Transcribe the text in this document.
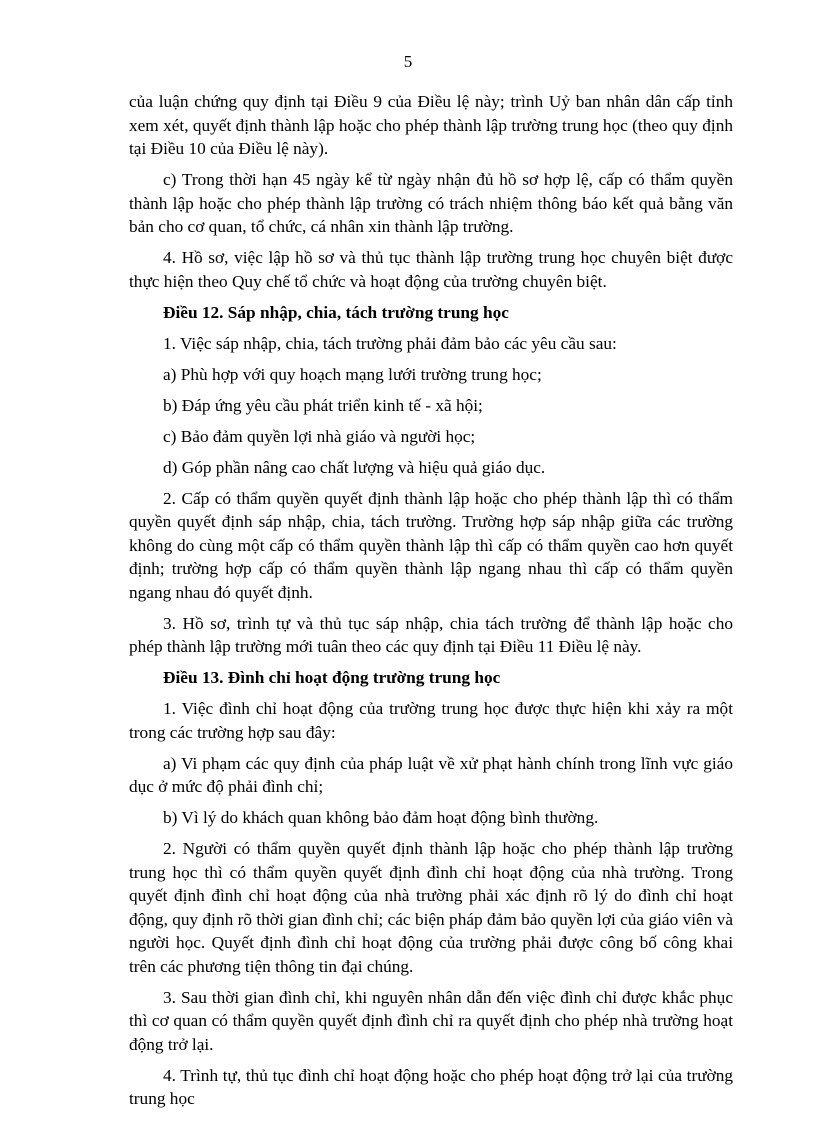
5

của luận chứng quy định tại Điều 9 của Điều lệ này; trình Uỷ ban nhân dân cấp tỉnh xem xét, quyết định thành lập hoặc cho phép thành lập trường trung học (theo quy định tại Điều 10 của Điều lệ này).

c) Trong thời hạn 45 ngày kể từ ngày nhận đủ hồ sơ hợp lệ, cấp có thẩm quyền thành lập hoặc cho phép thành lập trường có trách nhiệm thông báo kết quả bằng văn bản cho cơ quan, tổ chức, cá nhân xin thành lập trường.

4. Hồ sơ, việc lập hồ sơ và thủ tục thành lập trường trung học chuyên biệt được thực hiện theo Quy chế tổ chức và hoạt động của trường chuyên biệt.

Điều 12. Sáp nhập, chia, tách trường trung học

1. Việc sáp nhập, chia, tách trường phải đảm bảo các yêu cầu sau:

a) Phù hợp với quy hoạch mạng lưới trường trung học;

b) Đáp ứng yêu cầu phát triển kinh tế - xã hội;

c) Bảo đảm quyền lợi nhà giáo và người học;

d) Góp phần nâng cao chất lượng và hiệu quả giáo dục.

2. Cấp có thẩm quyền quyết định thành lập hoặc cho phép thành lập thì có thẩm quyền quyết định sáp nhập, chia, tách trường. Trường hợp sáp nhập giữa các trường không do cùng một cấp có thẩm quyền thành lập thì cấp có thẩm quyền cao hơn quyết định; trường hợp cấp có thẩm quyền thành lập ngang nhau thì cấp có thẩm quyền ngang nhau đó quyết định.

3. Hồ sơ, trình tự và thủ tục sáp nhập, chia tách trường để thành lập hoặc cho phép thành lập trường mới tuân theo các quy định tại Điều 11 Điều lệ này.

Điều 13. Đình chỉ hoạt động trường trung học

1. Việc đình chỉ hoạt động của trường trung học được thực hiện khi xảy ra một trong các trường hợp sau đây:

a) Vi phạm các quy định của pháp luật về xử phạt hành chính trong lĩnh vực giáo dục ở mức độ phải đình chỉ;

b) Vì lý do khách quan không bảo đảm hoạt động bình thường.

2. Người có thẩm quyền quyết định thành lập hoặc cho phép thành lập trường trung học thì có thẩm quyền quyết định đình chỉ hoạt động của nhà trường. Trong quyết định đình chỉ hoạt động của nhà trường phải xác định rõ lý do đình chỉ hoạt động, quy định rõ thời gian đình chỉ; các biện pháp đảm bảo quyền lợi của giáo viên và người học. Quyết định đình chỉ hoạt động của trường phải được công bố công khai trên các phương tiện thông tin đại chúng.

3. Sau thời gian đình chỉ, khi nguyên nhân dẫn đến việc đình chỉ được khắc phục thì cơ quan có thẩm quyền quyết định đình chỉ ra quyết định cho phép nhà trường hoạt động trở lại.

4. Trình tự, thủ tục đình chỉ hoạt động hoặc cho phép hoạt động trở lại của trường trung học
